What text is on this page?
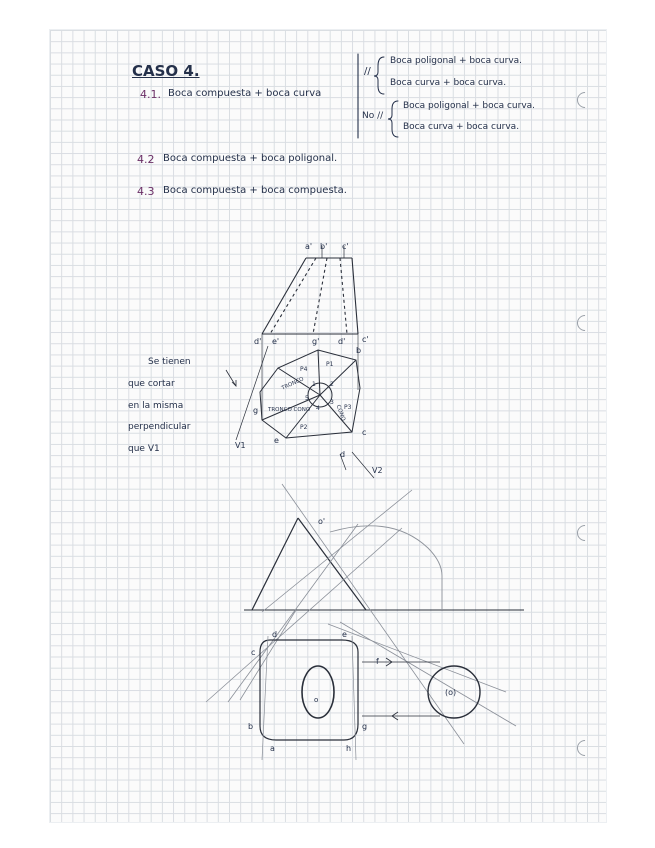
CASO 4.
4.1. Boca compuesta + boca curva
//
Boca poligonal + boca curva.
Boca curva + boca curva.
No //
Boca poligonal + boca curva.
Boca curva + boca curva.
4.2 Boca compuesta + boca poligonal.
4.3 Boca compuesta + boca compuesta.
Se tienen
que cortar
en la misma
perpendicular
que V1
a' b' c'
d' e'	g' d' c'
b
c
d
e
g
TRONCO
TRONCO CONO	CONO
P1
P2
P3
P4
1 2
3
4
5
V1
V2
o'
c
d	e
b
a	h
g
f
o
(o)
